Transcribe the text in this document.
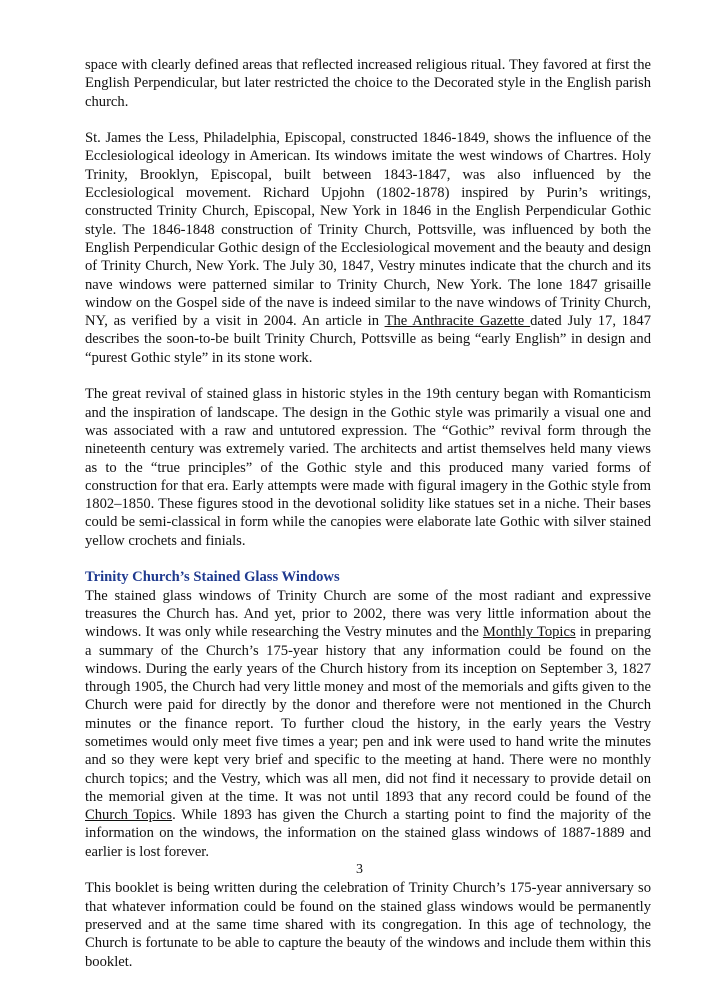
space with clearly defined areas that reflected increased religious ritual. They favored at first the English Perpendicular, but later restricted the choice to the Decorated style in the English parish church.

St. James the Less, Philadelphia, Episcopal, constructed 1846-1849, shows the influence of the Ecclesiological ideology in American. Its windows imitate the west windows of Chartres. Holy Trinity, Brooklyn, Episcopal, built between 1843-1847, was also influenced by the Ecclesiological movement. Richard Upjohn (1802-1878) inspired by Purin’s writings, constructed Trinity Church, Episcopal, New York in 1846 in the English Perpendicular Gothic style. The 1846-1848 construction of Trinity Church, Pottsville, was influenced by both the English Perpendicular Gothic design of the Ecclesiological movement and the beauty and design of Trinity Church, New York. The July 30, 1847, Vestry minutes indicate that the church and its nave windows were patterned similar to Trinity Church, New York. The lone 1847 grisaille window on the Gospel side of the nave is indeed similar to the nave windows of Trinity Church, NY, as verified by a visit in 2004. An article in The Anthracite Gazette dated July 17, 1847 describes the soon-to-be built Trinity Church, Pottsville as being “early English” in design and “purest Gothic style” in its stone work.

The great revival of stained glass in historic styles in the 19th century began with Romanticism and the inspiration of landscape. The design in the Gothic style was primarily a visual one and was associated with a raw and untutored expression. The “Gothic” revival form through the nineteenth century was extremely varied. The architects and artist themselves held many views as to the “true principles” of the Gothic style and this produced many varied forms of construction for that era. Early attempts were made with figural imagery in the Gothic style from 1802–1850. These figures stood in the devotional solidity like statues set in a niche. Their bases could be semi-classical in form while the canopies were elaborate late Gothic with silver stained yellow crochets and finials.

Trinity Church’s Stained Glass Windows

The stained glass windows of Trinity Church are some of the most radiant and expressive treasures the Church has. And yet, prior to 2002, there was very little information about the windows. It was only while researching the Vestry minutes and the Monthly Topics in preparing a summary of the Church’s 175-year history that any information could be found on the windows. During the early years of the Church history from its inception on September 3, 1827 through 1905, the Church had very little money and most of the memorials and gifts given to the Church were paid for directly by the donor and therefore were not mentioned in the Church minutes or the finance report. To further cloud the history, in the early years the Vestry sometimes would only meet five times a year; pen and ink were used to hand write the minutes and so they were kept very brief and specific to the meeting at hand. There were no monthly church topics; and the Vestry, which was all men, did not find it necessary to provide detail on the memorial given at the time. It was not until 1893 that any record could be found of the Church Topics. While 1893 has given the Church a starting point to find the majority of the information on the windows, the information on the stained glass windows of 1887-1889 and earlier is lost forever.

This booklet is being written during the celebration of Trinity Church’s 175-year anniversary so that whatever information could be found on the stained glass windows would be permanently preserved and at the same time shared with its congregation. In this age of technology, the Church is fortunate to be able to capture the beauty of the windows and include them within this booklet.

3
